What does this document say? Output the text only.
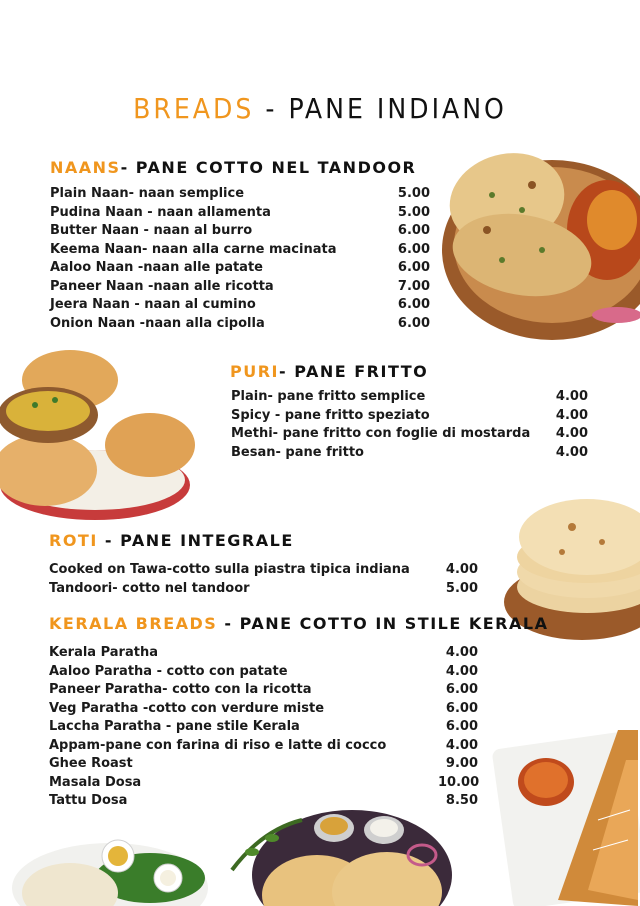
BREADS - PANE INDIANO
NAANS- PANE COTTO NEL TANDOOR
Plain Naan- naan semplice
Pudina Naan - naan allamenta
Butter Naan - naan al burro
Keema Naan- naan alla carne macinata
Aaloo Naan -naan alle patate
Paneer Naan -naan alle ricotta
Jeera Naan - naan al cumino
Onion Naan -naan alla cipolla
5.00
5.00
6.00
6.00
6.00
7.00
6.00
6.00
PURI- PANE FRITTO
Plain- pane fritto semplice
Spicy - pane fritto speziato
Methi- pane fritto con foglie di mostarda
Besan- pane fritto
4.00
4.00
4.00
4.00
ROTI - PANE INTEGRALE
Cooked on Tawa-cotto sulla piastra tipica indiana
Tandoori- cotto nel tandoor
4.00
5.00
KERALA BREADS - PANE COTTO IN STILE KERALA
Kerala Paratha
Aaloo Paratha - cotto con patate
Paneer Paratha- cotto con la ricotta
Veg Paratha -cotto con verdure miste
Laccha Paratha - pane stile Kerala
Appam-pane con farina di riso e latte di cocco
Ghee Roast
Masala Dosa
Tattu Dosa
4.00
4.00
6.00
6.00
6.00
4.00
9.00
10.00
8.50
